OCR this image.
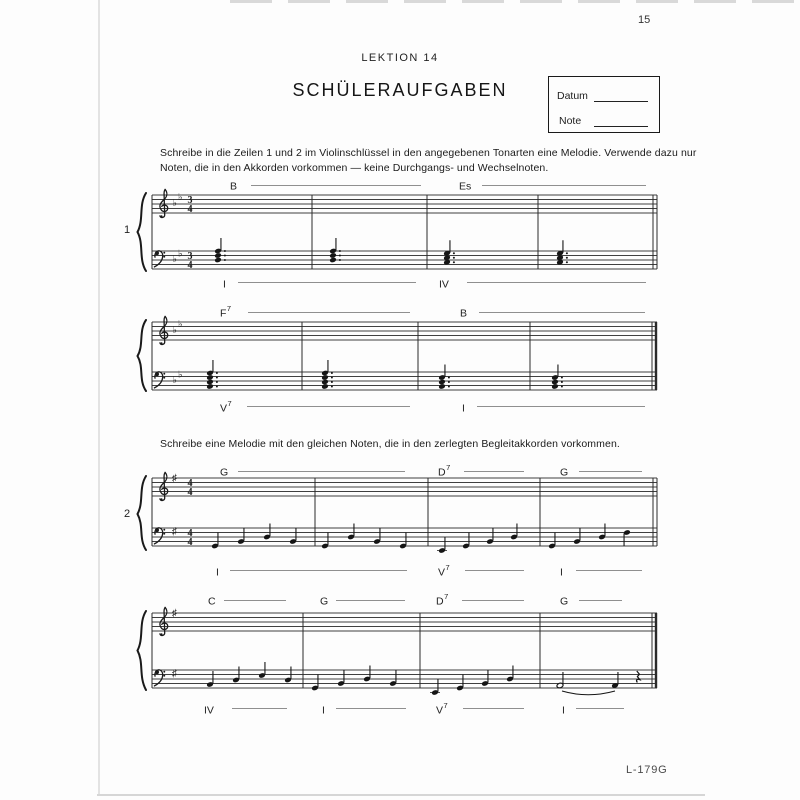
15
LEKTION 14
SCHÜLERAUFGABEN	Datum
Note

Schreibe in die Zeilen 1 und 2 im Violinschlüssel in den angegebenen Tonarten eine Melodie. Verwende dazu nur Noten, die in den Akkorden vorkommen — keine Durchgangs- und Wechselnoten.

Schreibe eine Melodie mit den gleichen Noten, die in den zerlegten Begleitakkorden vorkommen.

1
B	Es
♭
♭
♭ ♭
3
4
3
4
I	IV
$F^7$	B
♭
♭
♭ ♭
$V^7$	I
2
G	$D^7$	G
♯
♯
4
4
4
4
I	$V^7$	I
C	G	$D^7$	G
♯
♯
IV	I	$V^7$	I
L-179G
